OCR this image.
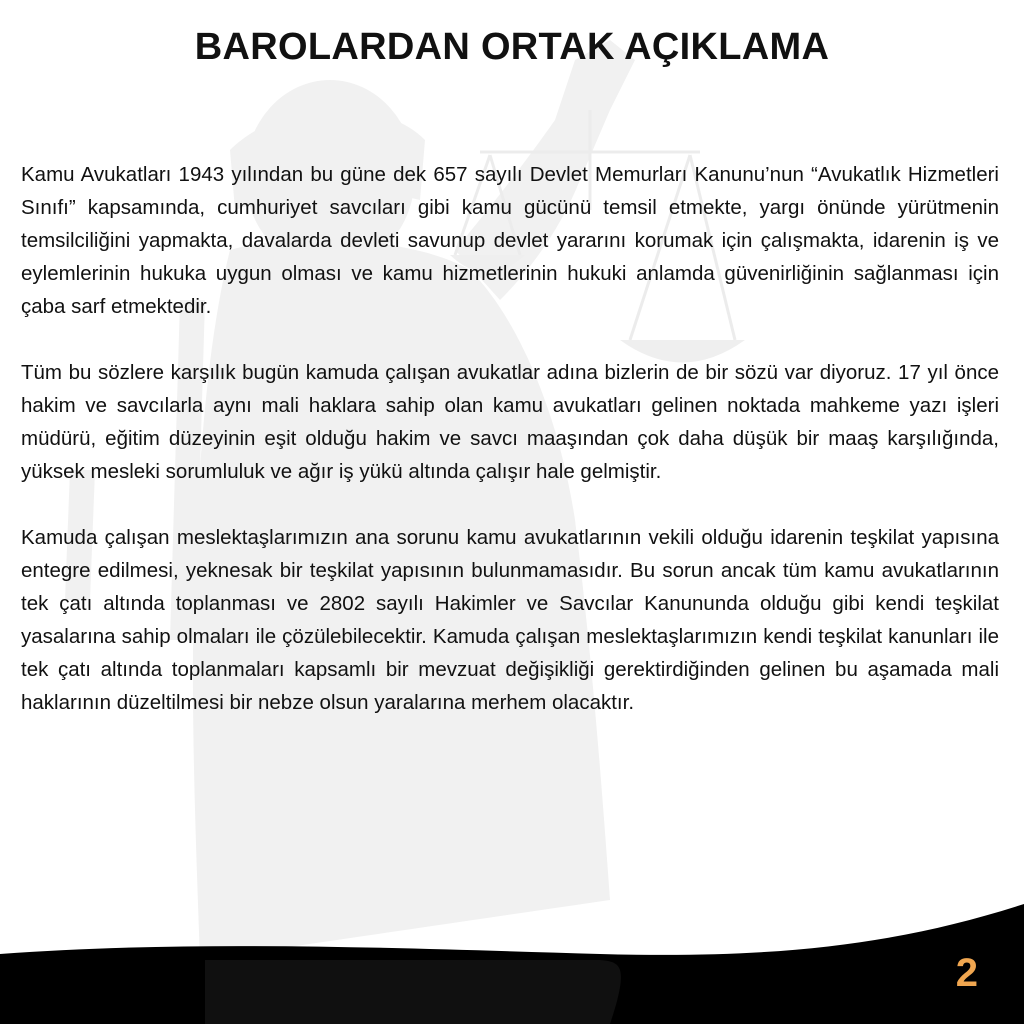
BAROLARDAN ORTAK AÇIKLAMA

Kamu Avukatları 1943 yılından bu güne dek 657 sayılı Devlet Memurları Kanunu’nun “Avukatlık Hizmetleri Sınıfı” kapsamında, cumhuriyet savcıları gibi kamu gücünü temsil etmekte, yargı önünde yürütmenin temsilciliğini yapmakta, davalarda devleti savunup devlet yararını korumak için çalışmakta, idarenin iş ve eylemlerinin hukuka uygun olması ve kamu hizmetlerinin hukuki anlamda güvenirliğinin sağlanması için çaba sarf etmektedir.

Tüm bu sözlere karşılık bugün kamuda çalışan avukatlar adına bizlerin de bir sözü var diyoruz. 17 yıl önce hakim ve savcılarla aynı mali haklara sahip olan kamu avukatları gelinen noktada mahkeme yazı işleri müdürü, eğitim düzeyinin eşit olduğu hakim ve savcı maaşından çok daha düşük bir maaş karşılığında, yüksek mesleki sorumluluk ve ağır iş yükü altında çalışır hale gelmiştir.

Kamuda çalışan meslektaşlarımızın ana sorunu kamu avukatlarının vekili olduğu idarenin teşkilat yapısına entegre edilmesi, yeknesak bir teşkilat yapısının bulunmamasıdır. Bu sorun ancak tüm kamu avukatlarının tek çatı altında toplanması ve 2802 sayılı Hakimler ve Savcılar Kanununda olduğu gibi kendi teşkilat yasalarına sahip olmaları ile çözülebilecektir. Kamuda çalışan meslektaşlarımızın kendi teşkilat kanunları ile tek çatı altında toplanmaları kapsamlı bir mevzuat değişikliği gerektirdiğinden gelinen bu aşamada mali haklarının düzeltilmesi bir nebze olsun yaralarına merhem olacaktır.

2
